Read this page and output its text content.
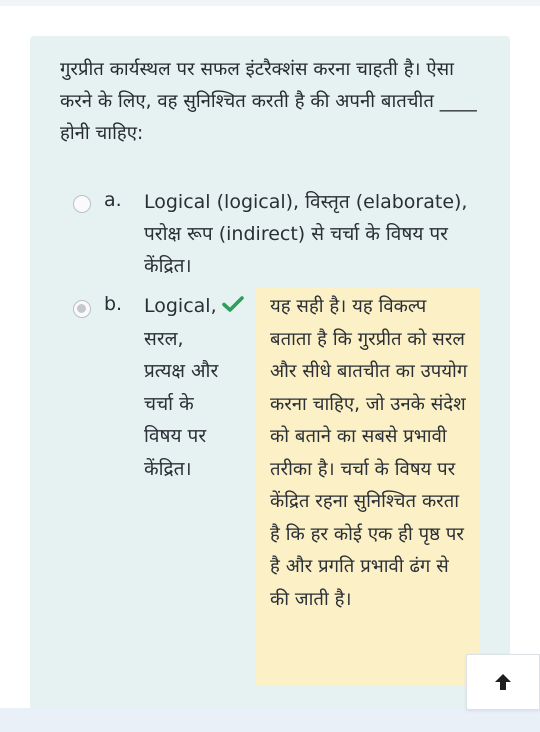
गुरप्रीत कार्यस्थल पर सफल इंटरैक्शंस करना चाहती है। ऐसा करने के लिए, वह सुनिश्चित करती है की अपनी बातचीत ____ होनी चाहिए:

a. Logical (logical), विस्तृत (elaborate), परोक्ष रूप (indirect) से चर्चा के विषय पर केंद्रित।
b. Logical, सरल, प्रत्यक्ष और चर्चा के विषय पर केंद्रित।
यह सही है। यह विकल्प बताता है कि गुरप्रीत को सरल और सीधे बातचीत का उपयोग करना चाहिए, जो उनके संदेश को बताने का सबसे प्रभावी तरीका है। चर्चा के विषय पर केंद्रित रहना सुनिश्चित करता है कि हर कोई एक ही पृष्ठ पर है और प्रगति प्रभावी ढंग से की जाती है।
